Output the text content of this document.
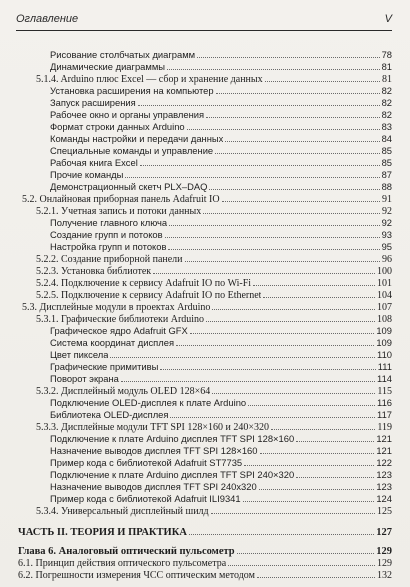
Оглавление	V
Рисование столбчатых диаграмм	78
Динамические диаграммы	81
5.1.4. Arduino плюс Excel — сбор и хранение данных	81
Установка расширения на компьютер	82
Запуск расширения	82
Рабочее окно и органы управления	82
Формат строки данных Arduino	83
Команды настройки и передачи данных	84
Специальные команды и управление	85
Рабочая книга Excel	85
Прочие команды	87
Демонстрационный скетч PLX–DAQ	88
5.2. Онлайновая приборная панель Adafruit IO	91
5.2.1. Учетная запись и потоки данных	92
Получение главного ключа	92
Создание групп и потоков	93
Настройка групп и потоков	95
5.2.2. Создание приборной панели	96
5.2.3. Установка библиотек	100
5.2.4. Подключение к сервису Adafruit IO по Wi-Fi	101
5.2.5. Подключение к сервису Adafruit IO по Ethernet	104
5.3. Дисплейные модули в проектах Arduino	107
5.3.1. Графические библиотеки Arduino	108
Графическое ядро Adafruit GFX	109
Система координат дисплея	109
Цвет пиксела	110
Графические примитивы	111
Поворот экрана	114
5.3.2. Дисплейный модуль OLED 128×64	115
Подключение OLED-дисплея к плате Arduino	116
Библиотека OLED-дисплея	117
5.3.3. Дисплейные модули TFT SPI 128×160 и 240×320	119
Подключение к плате Arduino дисплея TFT SPI 128×160	121
Назначение выводов дисплея TFT SPI 128×160	121
Пример кода с библиотекой Adafruit ST7735	122
Подключение к плате Arduino дисплея TFT SPI 240×320	123
Назначение выводов дисплея TFT SPI 240x320	123
Пример кода с библиотекой Adafruit ILI9341	124
5.3.4. Универсальный дисплейный шилд	125
ЧАСТЬ II. ТЕОРИЯ И ПРАКТИКА	127
Глава 6. Аналоговый оптический пульсометр	129
6.1. Принцип действия оптического пульсометра	129
6.2. Погрешности измерения ЧСС оптическим методом	132
